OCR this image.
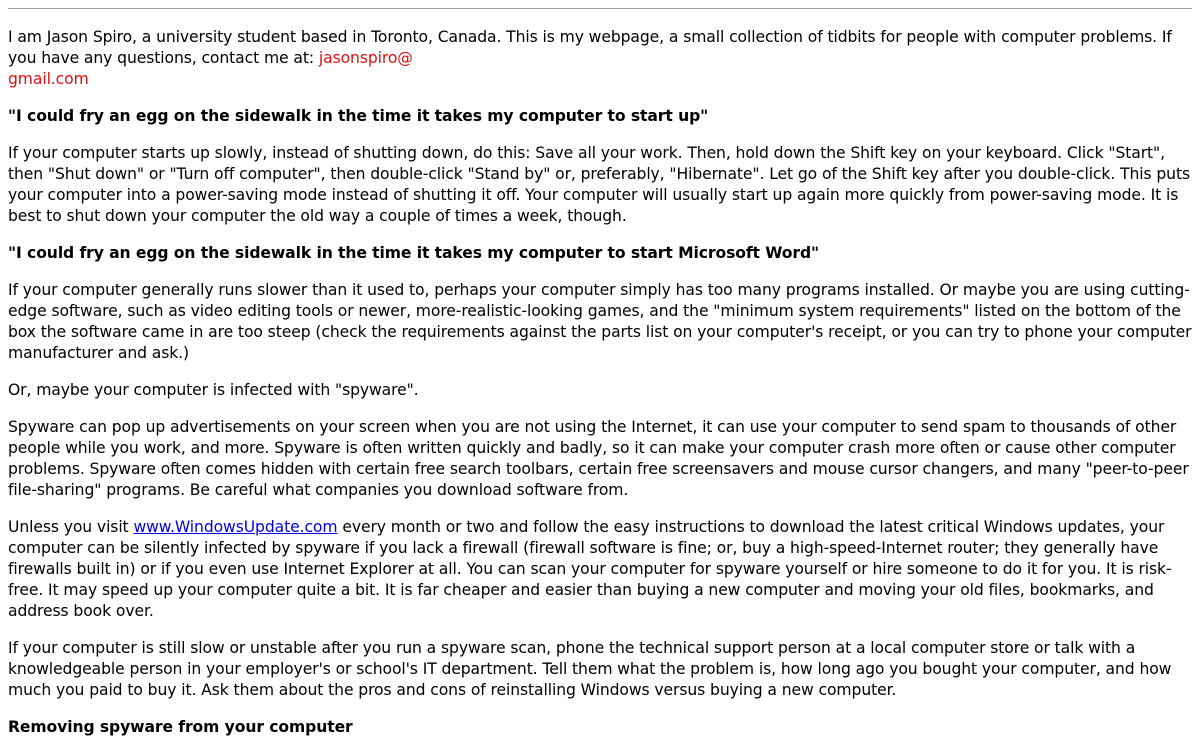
I am Jason Spiro, a university student based in Toronto, Canada. This is my webpage, a small collection of tidbits for people with computer problems. If you have any questions, contact me at: jasonspiro@
gmail.com

"I could fry an egg on the sidewalk in the time it takes my computer to start up"

If your computer starts up slowly, instead of shutting down, do this: Save all your work. Then, hold down the Shift key on your keyboard. Click "Start", then "Shut down" or "Turn off computer", then double-click "Stand by" or, preferably, "Hibernate". Let go of the Shift key after you double-click. This puts your computer into a power-saving mode instead of shutting it off. Your computer will usually start up again more quickly from power-saving mode. It is best to shut down your computer the old way a couple of times a week, though.

"I could fry an egg on the sidewalk in the time it takes my computer to start Microsoft Word"

If your computer generally runs slower than it used to, perhaps your computer simply has too many programs installed. Or maybe you are using cutting-edge software, such as video editing tools or newer, more-realistic-looking games, and the "minimum system requirements" listed on the bottom of the box the software came in are too steep (check the requirements against the parts list on your computer's receipt, or you can try to phone your computer manufacturer and ask.)

Or, maybe your computer is infected with "spyware".

Spyware can pop up advertisements on your screen when you are not using the Internet, it can use your computer to send spam to thousands of other people while you work, and more. Spyware is often written quickly and badly, so it can make your computer crash more often or cause other computer problems. Spyware often comes hidden with certain free search toolbars, certain free screensavers and mouse cursor changers, and many "peer-to-peer file-sharing" programs. Be careful what companies you download software from.

Unless you visit www.WindowsUpdate.com every month or two and follow the easy instructions to download the latest critical Windows updates, your computer can be silently infected by spyware if you lack a firewall (firewall software is fine; or, buy a high-speed-Internet router; they generally have firewalls built in) or if you even use Internet Explorer at all. You can scan your computer for spyware yourself or hire someone to do it for you. It is risk-free. It may speed up your computer quite a bit. It is far cheaper and easier than buying a new computer and moving your old files, bookmarks, and address book over.

If your computer is still slow or unstable after you run a spyware scan, phone the technical support person at a local computer store or talk with a knowledgeable person in your employer's or school's IT department. Tell them what the problem is, how long ago you bought your computer, and how much you paid to buy it. Ask them about the pros and cons of reinstalling Windows versus buying a new computer.

Removing spyware from your computer
